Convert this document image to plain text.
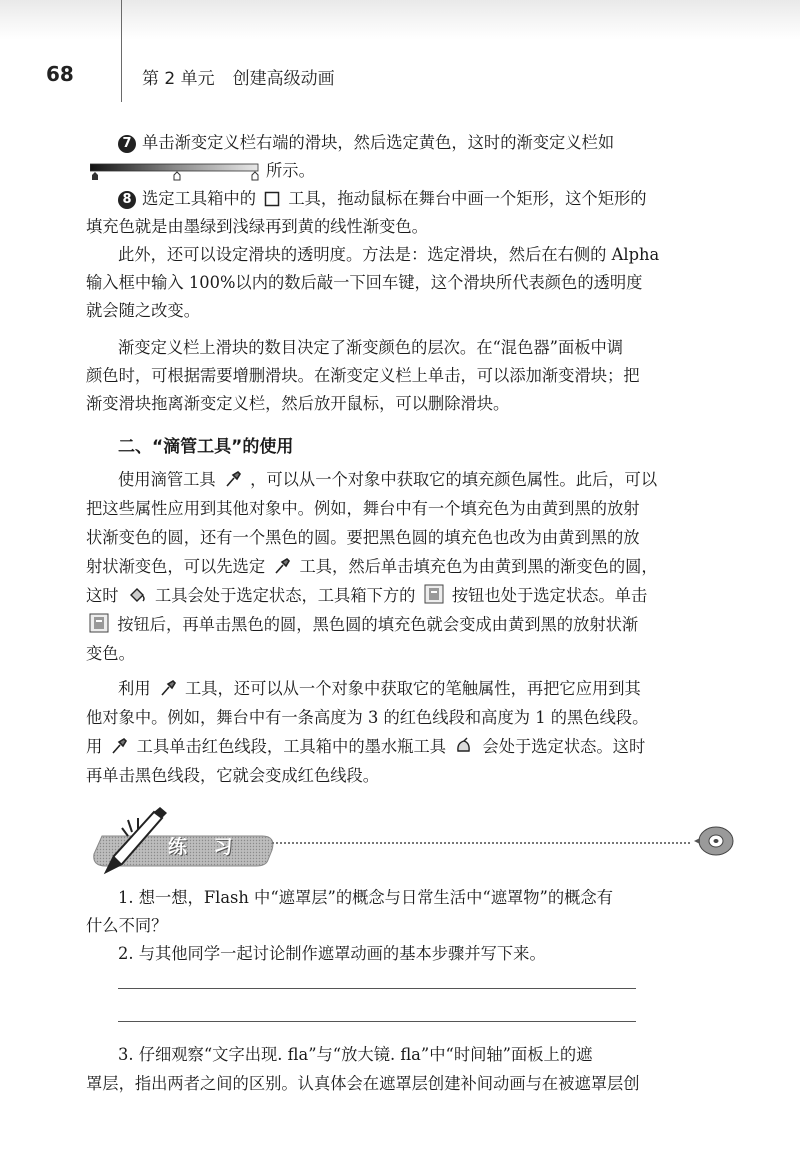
68	第 2 单元 创建高级动画
7 单击渐变定义栏右端的滑块，然后选定黄色，这时的渐变定义栏如
所示。
8 选定工具箱中的 工具，拖动鼠标在舞台中画一个矩形，这个矩形的
填充色就是由墨绿到浅绿再到黄的线性渐变色。
此外，还可以设定滑块的透明度。方法是：选定滑块，然后在右侧的 Alpha
输入框中输入 100%以内的数后敲一下回车键，这个滑块所代表颜色的透明度
就会随之改变。
渐变定义栏上滑块的数目决定了渐变颜色的层次。在“混色器”面板中调
颜色时，可根据需要增删滑块。在渐变定义栏上单击，可以添加渐变滑块；把
渐变滑块拖离渐变定义栏，然后放开鼠标，可以删除滑块。
二、“滴管工具”的使用
使用滴管工具 ，可以从一个对象中获取它的填充颜色属性。此后，可以
把这些属性应用到其他对象中。例如，舞台中有一个填充色为由黄到黑的放射
状渐变色的圆，还有一个黑色的圆。要把黑色圆的填充色也改为由黄到黑的放
射状渐变色，可以先选定 工具，然后单击填充色为由黄到黑的渐变色的圆，
这时 工具会处于选定状态，工具箱下方的 按钮也处于选定状态。单击
按钮后，再单击黑色的圆，黑色圆的填充色就会变成由黄到黑的放射状渐
变色。
利用 工具，还可以从一个对象中获取它的笔触属性，再把它应用到其
他对象中。例如，舞台中有一条高度为 3 的红色线段和高度为 1 的黑色线段。
用 工具单击红色线段，工具箱中的墨水瓶工具 会处于选定状态。这时
再单击黑色线段，它就会变成红色线段。
练 习
1. 想一想，Flash 中“遮罩层”的概念与日常生活中“遮罩物”的概念有
什么不同？
2. 与其他同学一起讨论制作遮罩动画的基本步骤并写下来。
3. 仔细观察“文字出现. fla”与“放大镜. fla”中“时间轴”面板上的遮
罩层，指出两者之间的区别。认真体会在遮罩层创建补间动画与在被遮罩层创
